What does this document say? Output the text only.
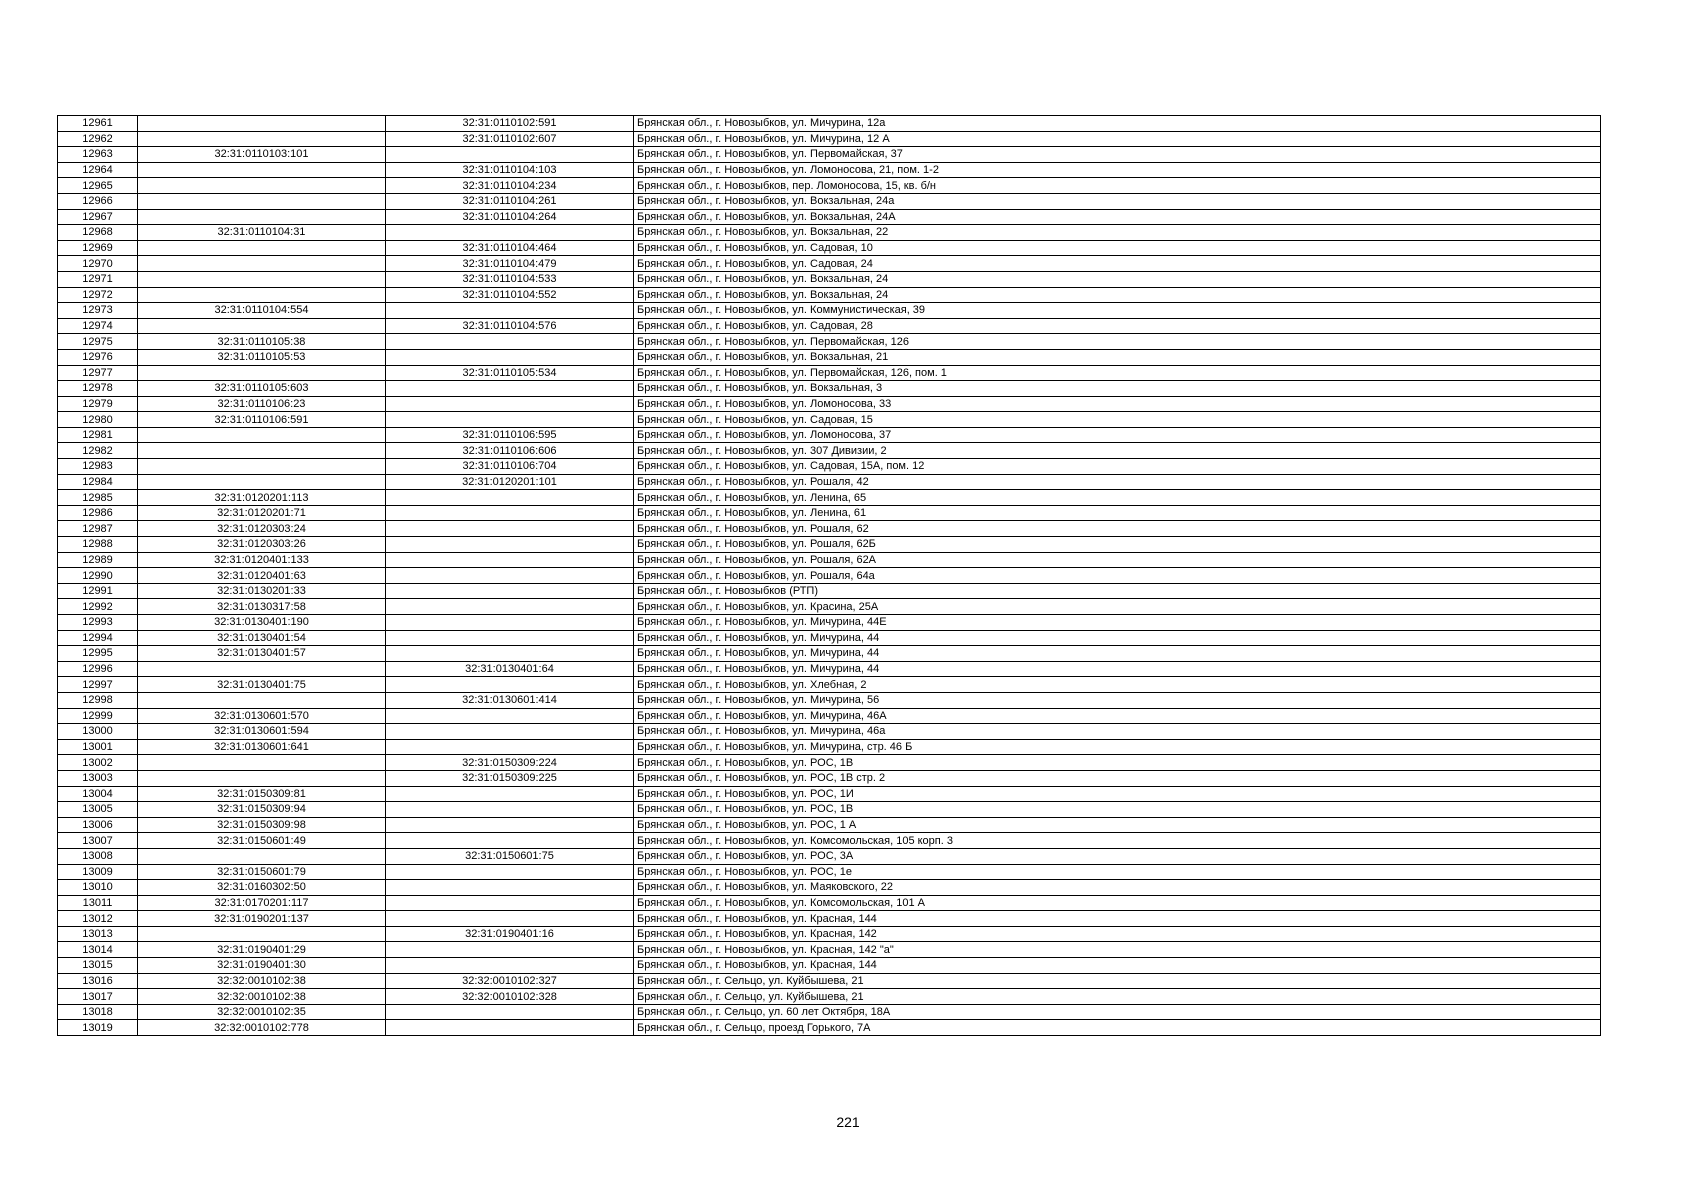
12961		32:31:0110102:591	Брянская обл., г. Новозыбков, ул. Мичурина, 12а
12962		32:31:0110102:607	Брянская обл., г. Новозыбков, ул. Мичурина, 12 А
12963	32:31:0110103:101		Брянская обл., г. Новозыбков, ул. Первомайская, 37
12964		32:31:0110104:103	Брянская обл., г. Новозыбков, ул. Ломоносова, 21, пом. 1-2
12965		32:31:0110104:234	Брянская обл., г. Новозыбков, пер. Ломоносова, 15, кв. б/н
12966		32:31:0110104:261	Брянская обл., г. Новозыбков, ул. Вокзальная, 24а
12967		32:31:0110104:264	Брянская обл., г. Новозыбков, ул. Вокзальная, 24А
12968	32:31:0110104:31		Брянская обл., г. Новозыбков, ул. Вокзальная, 22
12969		32:31:0110104:464	Брянская обл., г. Новозыбков, ул. Садовая, 10
12970		32:31:0110104:479	Брянская обл., г. Новозыбков, ул. Садовая, 24
12971		32:31:0110104:533	Брянская обл., г. Новозыбков, ул. Вокзальная, 24
12972		32:31:0110104:552	Брянская обл., г. Новозыбков, ул. Вокзальная, 24
12973	32:31:0110104:554		Брянская обл., г. Новозыбков, ул. Коммунистическая, 39
12974		32:31:0110104:576	Брянская обл., г. Новозыбков, ул. Садовая, 28
12975	32:31:0110105:38		Брянская обл., г. Новозыбков, ул. Первомайская, 126
12976	32:31:0110105:53		Брянская обл., г. Новозыбков, ул. Вокзальная, 21
12977		32:31:0110105:534	Брянская обл., г. Новозыбков, ул. Первомайская, 126, пом. 1
12978	32:31:0110105:603		Брянская обл., г. Новозыбков, ул. Вокзальная, 3
12979	32:31:0110106:23		Брянская обл., г. Новозыбков, ул. Ломоносова, 33
12980	32:31:0110106:591		Брянская обл., г. Новозыбков, ул. Садовая, 15
12981		32:31:0110106:595	Брянская обл., г. Новозыбков, ул. Ломоносова, 37
12982		32:31:0110106:606	Брянская обл., г. Новозыбков, ул. 307 Дивизии, 2
12983		32:31:0110106:704	Брянская обл., г. Новозыбков, ул. Садовая, 15А, пом. 12
12984		32:31:0120201:101	Брянская обл., г. Новозыбков, ул. Рошаля, 42
12985	32:31:0120201:113		Брянская обл., г. Новозыбков, ул. Ленина, 65
12986	32:31:0120201:71		Брянская обл., г. Новозыбков, ул. Ленина, 61
12987	32:31:0120303:24		Брянская обл., г. Новозыбков, ул. Рошаля, 62
12988	32:31:0120303:26		Брянская обл., г. Новозыбков, ул. Рошаля, 62Б
12989	32:31:0120401:133		Брянская обл., г. Новозыбков, ул. Рошаля, 62А
12990	32:31:0120401:63		Брянская обл., г. Новозыбков, ул. Рошаля, 64а
12991	32:31:0130201:33		Брянская обл., г. Новозыбков (РТП)
12992	32:31:0130317:58		Брянская обл., г. Новозыбков, ул. Красина, 25А
12993	32:31:0130401:190		Брянская обл., г. Новозыбков, ул. Мичурина, 44Е
12994	32:31:0130401:54		Брянская обл., г. Новозыбков, ул. Мичурина, 44
12995	32:31:0130401:57		Брянская обл., г. Новозыбков, ул. Мичурина, 44
12996		32:31:0130401:64	Брянская обл., г. Новозыбков, ул. Мичурина, 44
12997	32:31:0130401:75		Брянская обл., г. Новозыбков, ул. Хлебная, 2
12998		32:31:0130601:414	Брянская обл., г. Новозыбков, ул. Мичурина, 56
12999	32:31:0130601:570		Брянская обл., г. Новозыбков, ул. Мичурина, 46А
13000	32:31:0130601:594		Брянская обл., г. Новозыбков, ул. Мичурина, 46а
13001	32:31:0130601:641		Брянская обл., г. Новозыбков, ул. Мичурина, стр. 46 Б
13002		32:31:0150309:224	Брянская обл., г. Новозыбков, ул. РОС, 1В
13003		32:31:0150309:225	Брянская обл., г. Новозыбков, ул. РОС, 1В стр. 2
13004	32:31:0150309:81		Брянская обл., г. Новозыбков, ул. РОС, 1И
13005	32:31:0150309:94		Брянская обл., г. Новозыбков, ул. РОС, 1В
13006	32:31:0150309:98		Брянская обл., г. Новозыбков, ул. РОС, 1 А
13007	32:31:0150601:49		Брянская обл., г. Новозыбков, ул. Комсомольская, 105 корп. 3
13008		32:31:0150601:75	Брянская обл., г. Новозыбков, ул. РОС, 3А
13009	32:31:0150601:79		Брянская обл., г. Новозыбков, ул. РОС, 1е
13010	32:31:0160302:50		Брянская обл., г. Новозыбков, ул. Маяковского, 22
13011	32:31:0170201:117		Брянская обл., г. Новозыбков, ул. Комсомольская, 101 А
13012	32:31:0190201:137		Брянская обл., г. Новозыбков, ул. Красная, 144
13013		32:31:0190401:16	Брянская обл., г. Новозыбков, ул. Красная, 142
13014	32:31:0190401:29		Брянская обл., г. Новозыбков, ул. Красная, 142 "а"
13015	32:31:0190401:30		Брянская обл., г. Новозыбков, ул. Красная, 144
13016	32:32:0010102:38	32:32:0010102:327	Брянская обл., г. Сельцо, ул. Куйбышева, 21
13017	32:32:0010102:38	32:32:0010102:328	Брянская обл., г. Сельцо, ул. Куйбышева, 21
13018	32:32:0010102:35		Брянская обл., г. Сельцо, ул. 60 лет Октября, 18А
13019	32:32:0010102:778		Брянская обл., г. Сельцо, проезд Горького, 7А
221
